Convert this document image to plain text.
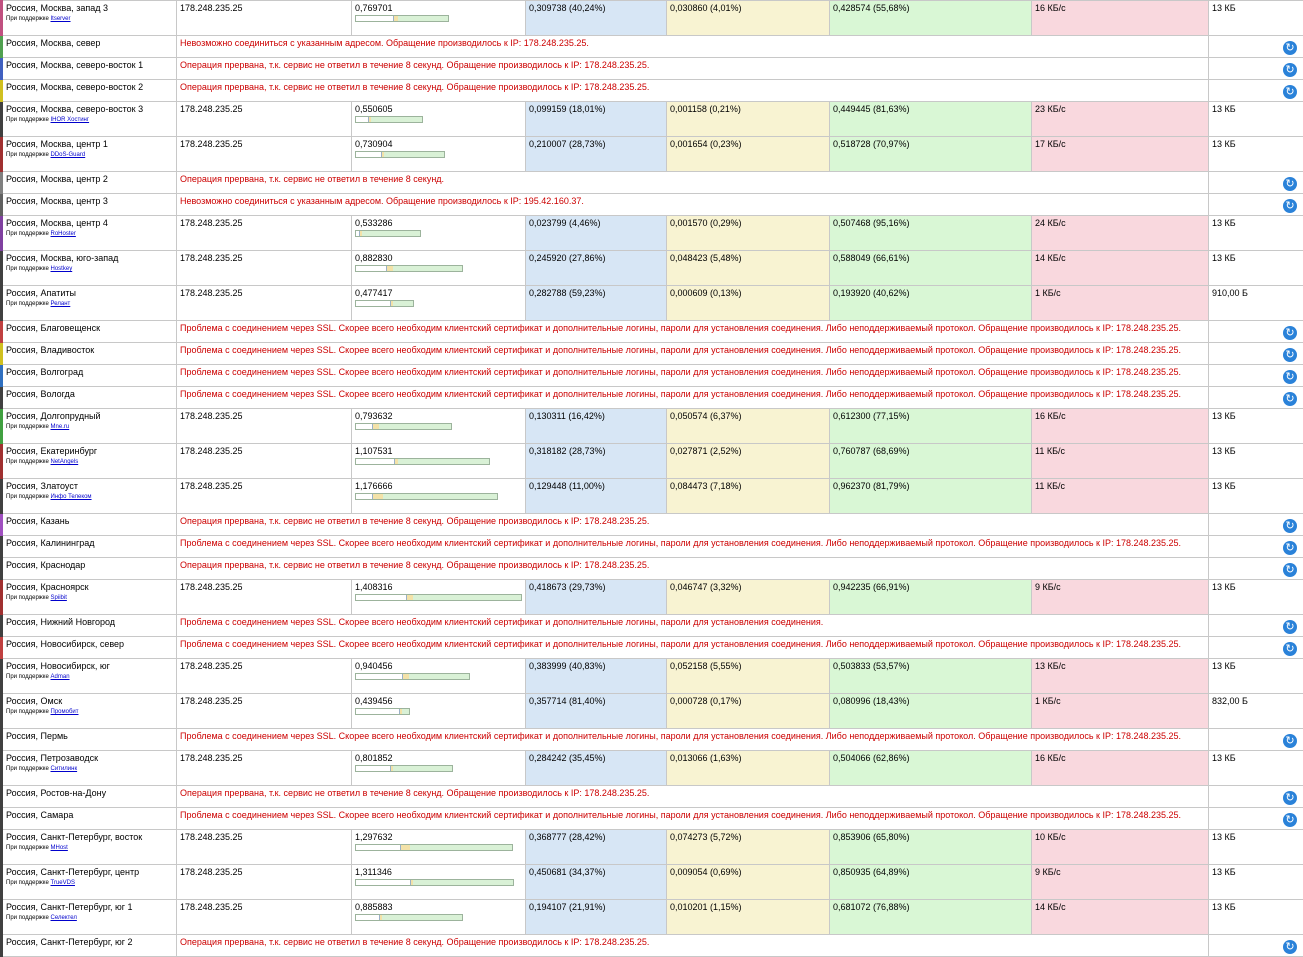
Россия, Москва, запад 3
При поддержке Itserver	178.248.235.25	0,769701	0,309738 (40,24%)	0,030860 (4,01%)	0,428574 (55,68%)	16 КБ/с	13 КБ

Россия, Москва, север	Невозможно соединиться с указанным адресом. Обращение производилось к IP: 178.248.235.25.						↻

Россия, Москва, северо-восток 1	Операция прервана, т.к. сервис не ответил в течение 8 секунд. Обращение производилось к IP: 178.248.235.25.						↻

Россия, Москва, северо-восток 2	Операция прервана, т.к. сервис не ответил в течение 8 секунд. Обращение производилось к IP: 178.248.235.25.						↻

Россия, Москва, северо-восток 3
При поддержке IHOR Хостинг	178.248.235.25	0,550605	0,099159 (18,01%)	0,001158 (0,21%)	0,449445 (81,63%)	23 КБ/с	13 КБ

Россия, Москва, центр 1
При поддержке DDoS-Guard	178.248.235.25	0,730904	0,210007 (28,73%)	0,001654 (0,23%)	0,518728 (70,97%)	17 КБ/с	13 КБ

Россия, Москва, центр 2	Операция прервана, т.к. сервис не ответил в течение 8 секунд.						↻

Россия, Москва, центр 3	Невозможно соединиться с указанным адресом. Обращение производилось к IP: 195.42.160.37.						↻

Россия, Москва, центр 4
При поддержке RoHoster	178.248.235.25	0,533286	0,023799 (4,46%)	0,001570 (0,29%)	0,507468 (95,16%)	24 КБ/с	13 КБ

Россия, Москва, юго-запад
При поддержке Hostkey	178.248.235.25	0,882830	0,245920 (27,86%)	0,048423 (5,48%)	0,588049 (66,61%)	14 КБ/с	13 КБ

Россия, Апатиты
При поддержке Релант	178.248.235.25	0,477417	0,282788 (59,23%)	0,000609 (0,13%)	0,193920 (40,62%)	1 КБ/с	910,00 Б

Россия, Благовещенск	Проблема с соединением через SSL. Скорее всего необходим клиентский сертификат и дополнительные логины, пароли для установления соединения. Либо неподдерживаемый протокол. Обращение производилось к IP: 178.248.235.25.						↻

Россия, Владивосток	Проблема с соединением через SSL. Скорее всего необходим клиентский сертификат и дополнительные логины, пароли для установления соединения. Либо неподдерживаемый протокол. Обращение производилось к IP: 178.248.235.25.						↻

Россия, Волгоград	Проблема с соединением через SSL. Скорее всего необходим клиентский сертификат и дополнительные логины, пароли для установления соединения. Либо неподдерживаемый протокол. Обращение производилось к IP: 178.248.235.25.						↻

Россия, Вологда	Проблема с соединением через SSL. Скорее всего необходим клиентский сертификат и дополнительные логины, пароли для установления соединения. Либо неподдерживаемый протокол. Обращение производилось к IP: 178.248.235.25.						↻

Россия, Долгопрудный
При поддержке Mne.ru	178.248.235.25	0,793632	0,130311 (16,42%)	0,050574 (6,37%)	0,612300 (77,15%)	16 КБ/с	13 КБ

Россия, Екатеринбург
При поддержке NetAngels	178.248.235.25	1,107531	0,318182 (28,73%)	0,027871 (2,52%)	0,760787 (68,69%)	11 КБ/с	13 КБ

Россия, Златоуст
При поддержке Инфо Телеком	178.248.235.25	1,176666	0,129448 (11,00%)	0,084473 (7,18%)	0,962370 (81,79%)	11 КБ/с	13 КБ

Россия, Казань	Операция прервана, т.к. сервис не ответил в течение 8 секунд. Обращение производилось к IP: 178.248.235.25.						↻

Россия, Калининград	Проблема с соединением через SSL. Скорее всего необходим клиентский сертификат и дополнительные логины, пароли для установления соединения. Либо неподдерживаемый протокол. Обращение производилось к IP: 178.248.235.25.						↻

Россия, Краснодар	Операция прервана, т.к. сервис не ответил в течение 8 секунд. Обращение производилось к IP: 178.248.235.25.						↻

Россия, Красноярск
При поддержке Spiibit	178.248.235.25	1,408316	0,418673 (29,73%)	0,046747 (3,32%)	0,942235 (66,91%)	9 КБ/с	13 КБ

Россия, Нижний Новгород	Проблема с соединением через SSL. Скорее всего необходим клиентский сертификат и дополнительные логины, пароли для установления соединения.						↻

Россия, Новосибирск, север	Проблема с соединением через SSL. Скорее всего необходим клиентский сертификат и дополнительные логины, пароли для установления соединения. Либо неподдерживаемый протокол. Обращение производилось к IP: 178.248.235.25.						↻

Россия, Новосибирск, юг
При поддержке Adman	178.248.235.25	0,940456	0,383999 (40,83%)	0,052158 (5,55%)	0,503833 (53,57%)	13 КБ/с	13 КБ

Россия, Омск
При поддержке Промобит	178.248.235.25	0,439456	0,357714 (81,40%)	0,000728 (0,17%)	0,080996 (18,43%)	1 КБ/с	832,00 Б

Россия, Пермь	Проблема с соединением через SSL. Скорее всего необходим клиентский сертификат и дополнительные логины, пароли для установления соединения. Либо неподдерживаемый протокол. Обращение производилось к IP: 178.248.235.25.						↻

Россия, Петрозаводск
При поддержке Ситилинк	178.248.235.25	0,801852	0,284242 (35,45%)	0,013066 (1,63%)	0,504066 (62,86%)	16 КБ/с	13 КБ

Россия, Ростов-на-Дону	Операция прервана, т.к. сервис не ответил в течение 8 секунд. Обращение производилось к IP: 178.248.235.25.						↻

Россия, Самара	Проблема с соединением через SSL. Скорее всего необходим клиентский сертификат и дополнительные логины, пароли для установления соединения. Либо неподдерживаемый протокол. Обращение производилось к IP: 178.248.235.25.						↻

Россия, Санкт-Петербург, восток
При поддержке MHost	178.248.235.25	1,297632	0,368777 (28,42%)	0,074273 (5,72%)	0,853906 (65,80%)	10 КБ/с	13 КБ

Россия, Санкт-Петербург, центр
При поддержке TrueVDS	178.248.235.25	1,311346	0,450681 (34,37%)	0,009054 (0,69%)	0,850935 (64,89%)	9 КБ/с	13 КБ

Россия, Санкт-Петербург, юг 1
При поддержке Селектел	178.248.235.25	0,885883	0,194107 (21,91%)	0,010201 (1,15%)	0,681072 (76,88%)	14 КБ/с	13 КБ

Россия, Санкт-Петербург, юг 2	Операция прервана, т.к. сервис не ответил в течение 8 секунд. Обращение производилось к IP: 178.248.235.25.						↻
